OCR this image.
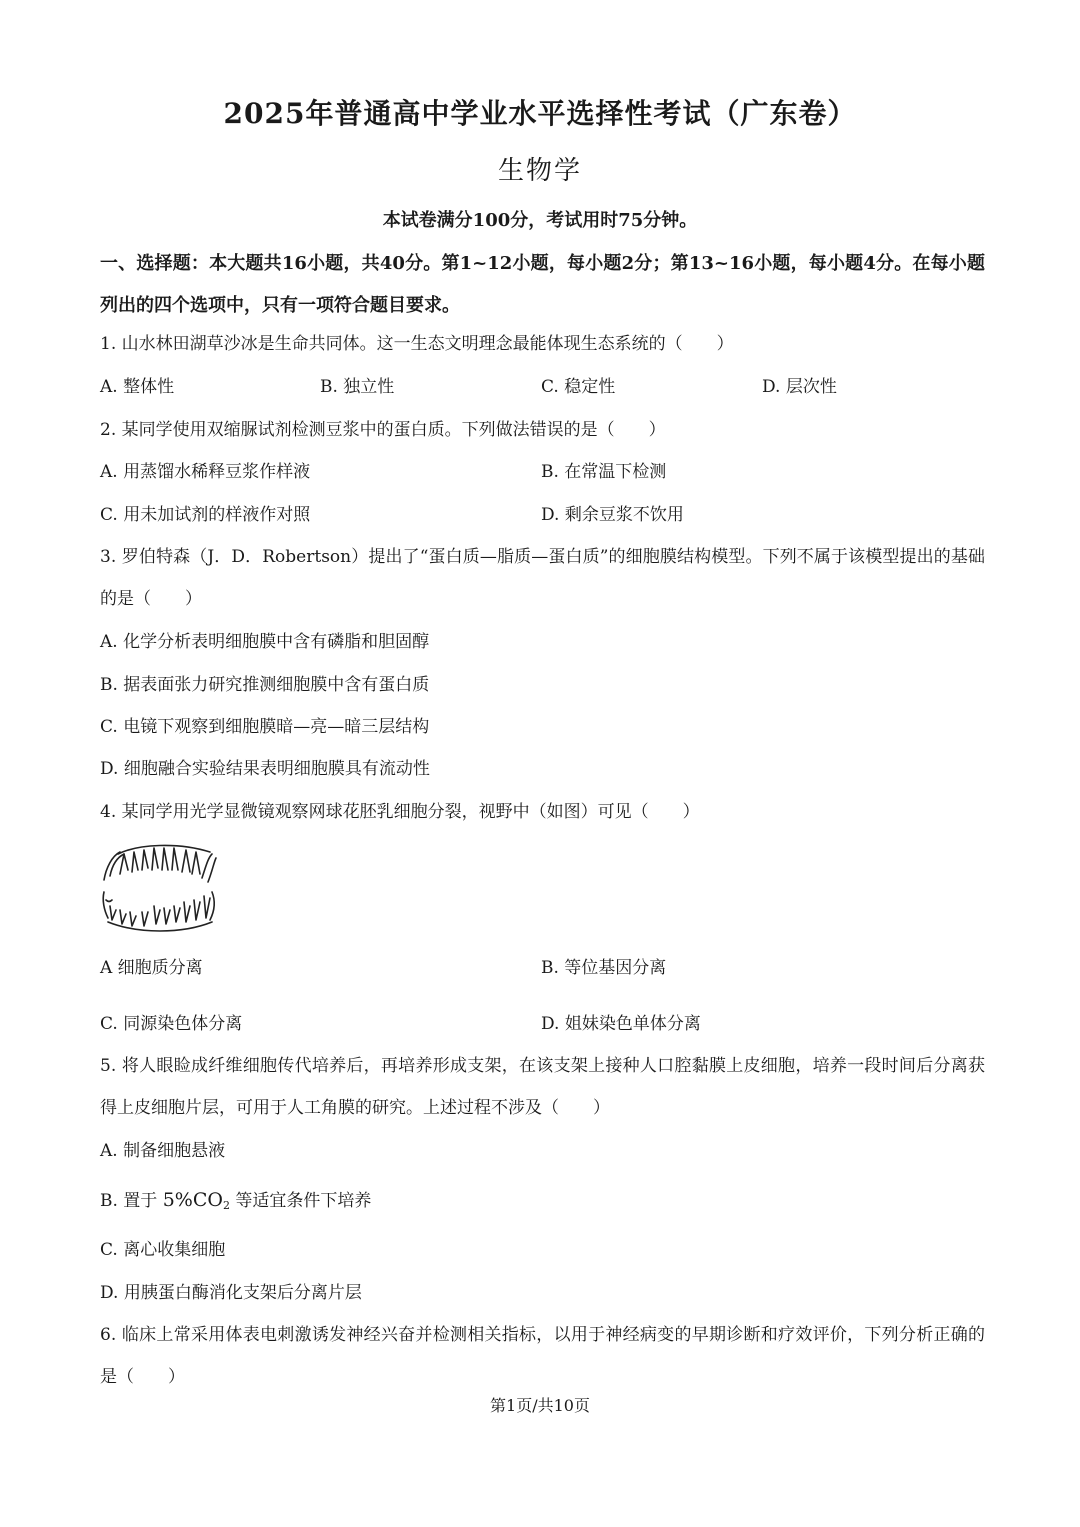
2025年普通高中学业水平选择性考试（广东卷）
生物学
本试卷满分100分，考试用时75分钟。
一、选择题：本大题共16小题，共40分。第1~12小题，每小题2分；第13~16小题，每小题4分。在每小题列出的四个选项中，只有一项符合题目要求。
1. 山水林田湖草沙冰是生命共同体。这一生态文明理念最能体现生态系统的（　　）
A. 整体性	B. 独立性	C. 稳定性	D. 层次性
2. 某同学使用双缩脲试剂检测豆浆中的蛋白质。下列做法错误的是（　　）
A. 用蒸馏水稀释豆浆作样液	B. 在常温下检测
C. 用未加试剂的样液作对照	D. 剩余豆浆不饮用
3. 罗伯特森（J．D．Robertson）提出了“蛋白质—脂质—蛋白质”的细胞膜结构模型。下列不属于该模型提出的基础的是（　　）
A. 化学分析表明细胞膜中含有磷脂和胆固醇
B. 据表面张力研究推测细胞膜中含有蛋白质
C. 电镜下观察到细胞膜暗—亮—暗三层结构
D. 细胞融合实验结果表明细胞膜具有流动性
4. 某同学用光学显微镜观察网球花胚乳细胞分裂，视野中（如图）可见（　　）
A 细胞质分离	B. 等位基因分离
C. 同源染色体分离	D. 姐妹染色单体分离
5. 将人眼睑成纤维细胞传代培养后，再培养形成支架，在该支架上接种人口腔黏膜上皮细胞，培养一段时间后分离获得上皮细胞片层，可用于人工角膜的研究。上述过程不涉及（　　）
A. 制备细胞悬液
B. 置于 $5\%CO_2$ 等适宜条件下培养
C. 离心收集细胞
D. 用胰蛋白酶消化支架后分离片层
6. 临床上常采用体表电刺激诱发神经兴奋并检测相关指标，以用于神经病变的早期诊断和疗效评价，下列分析正确的是（　　）
第1页/共10页
